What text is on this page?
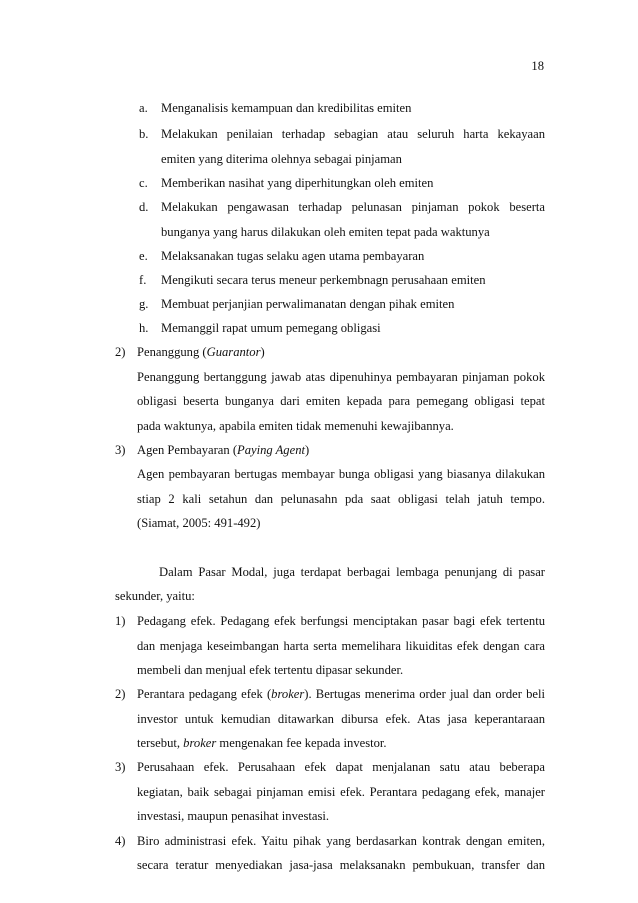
18
a. Menganalisis kemampuan dan kredibilitas emiten
b. Melakukan penilaian terhadap sebagian atau seluruh harta kekayaan
emiten yang diterima olehnya sebagai pinjaman
c. Memberikan nasihat yang diperhitungkan oleh emiten
d. Melakukan pengawasan terhadap pelunasan pinjaman pokok beserta
bunganya yang harus dilakukan oleh emiten tepat pada waktunya
e. Melaksanakan tugas selaku agen utama pembayaran
f. Mengikuti secara terus meneur perkembnagn perusahaan emiten
g. Membuat perjanjian perwalimanatan dengan pihak emiten
h. Memanggil rapat umum pemegang obligasi
2) Penanggung (Guarantor)
Penanggung bertanggung jawab atas dipenuhinya pembayaran pinjaman pokok
obligasi beserta bunganya dari emiten kepada para pemegang obligasi tepat
pada waktunya, apabila emiten tidak memenuhi kewajibannya.
3) Agen Pembayaran (Paying Agent)
Agen pembayaran bertugas membayar bunga obligasi yang biasanya dilakukan
stiap 2 kali setahun dan pelunasahn pda saat obligasi telah jatuh tempo.
(Siamat, 2005: 491-492)
Dalam Pasar Modal, juga terdapat berbagai lembaga penunjang di pasar
sekunder, yaitu:
1) Pedagang efek. Pedagang efek berfungsi menciptakan pasar bagi efek tertentu
dan menjaga keseimbangan harta serta memelihara likuiditas efek dengan cara
membeli dan menjual efek tertentu dipasar sekunder.
2) Perantara pedagang efek (broker). Bertugas menerima order jual dan order beli
investor untuk kemudian ditawarkan dibursa efek. Atas jasa keperantaraan
tersebut, broker mengenakan fee kepada investor.
3) Perusahaan efek. Perusahaan efek dapat menjalanan satu atau beberapa
kegiatan, baik sebagai pinjaman emisi efek. Perantara pedagang efek, manajer
investasi, maupun penasihat investasi.
4) Biro administrasi efek. Yaitu pihak yang berdasarkan kontrak dengan emiten,
secara teratur menyediakan jasa-jasa melaksanakn pembukuan, transfer dan
